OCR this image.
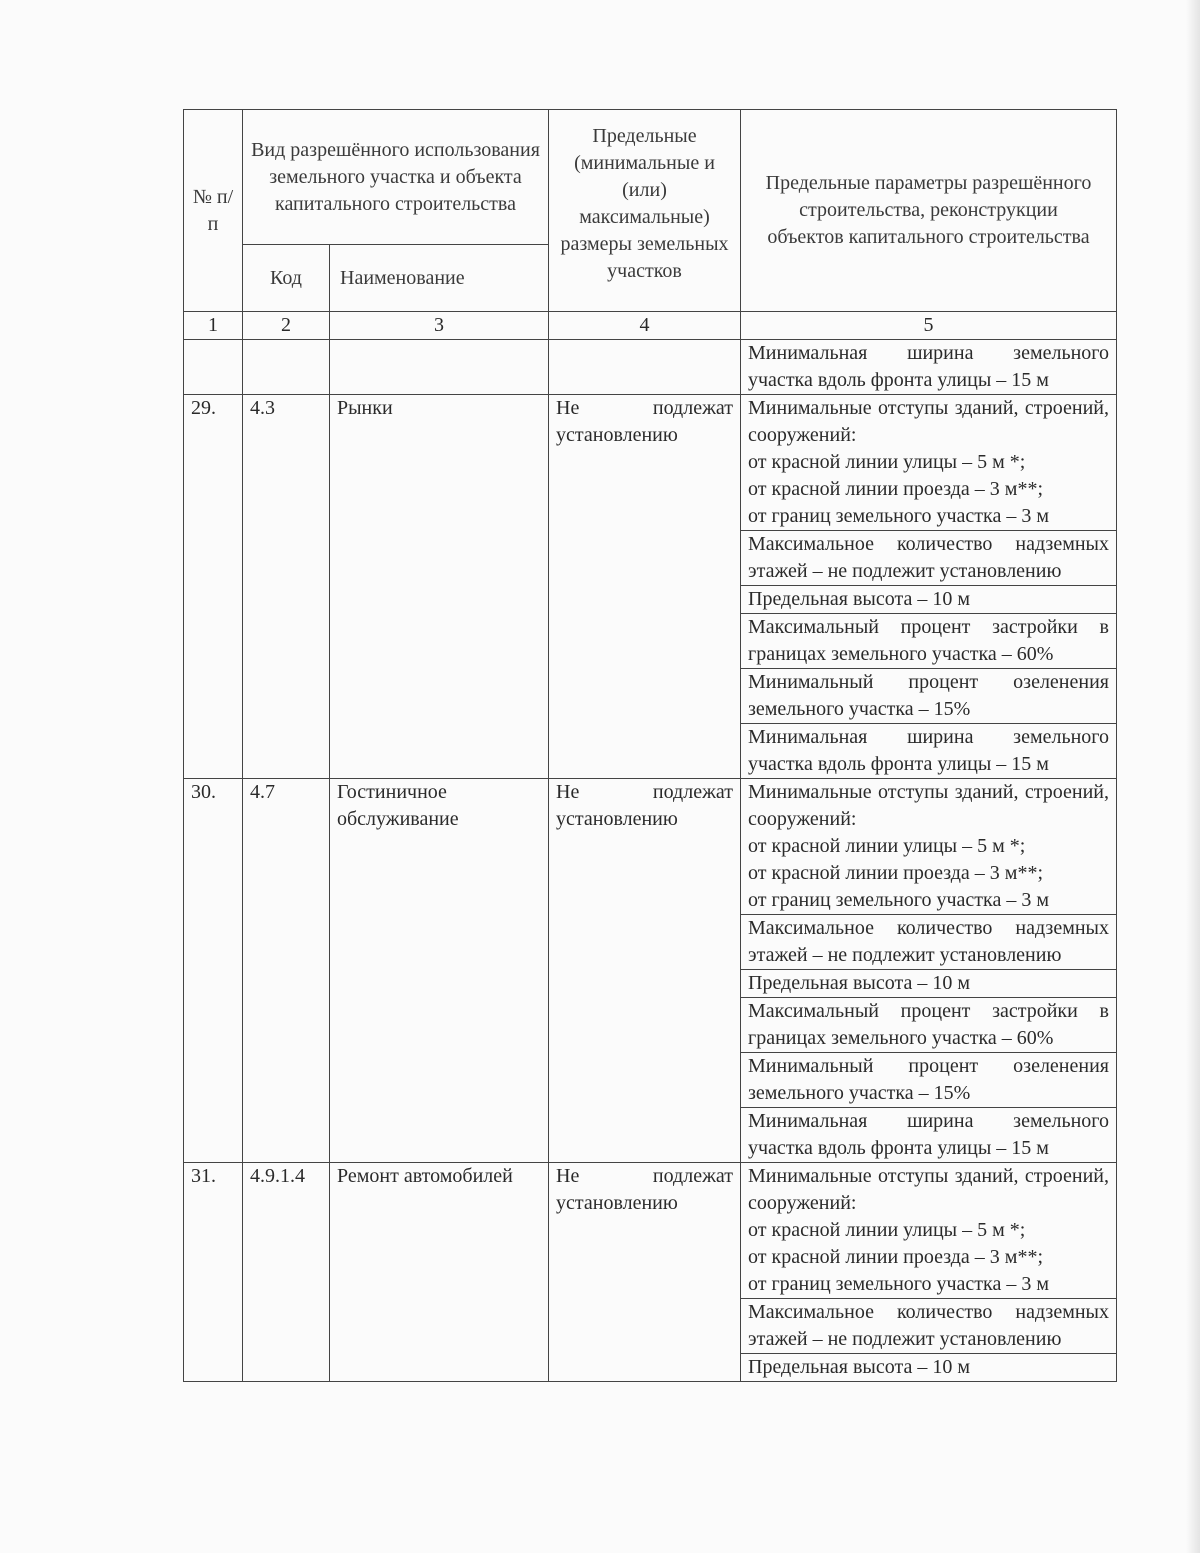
№ п/п	Вид разрешённого использования земельного участка и объекта капитального строительства		Предельные (минимальные и (или) максимальные) размеры земельных участков	Предельные параметры разрешённого строительства, реконструкции объектов капитального строительства
	Код	Наименование		
1	2	3	4	5
				Минимальная ширина земельного участка вдоль фронта улицы – 15 м
29.	4.3	Рынки	Не подлежат установлению	Минимальные отступы зданий, строений, сооружений:
от красной линии улицы – 5 м *;
от красной линии проезда – 3 м**;
от границ земельного участка – 3 м

				Максимальное количество надземных этажей – не подлежит установлению
				Предельная высота – 10 м
				Максимальный процент застройки в границах земельного участка – 60%
				Минимальный процент озеленения земельного участка – 15%
				Минимальная ширина земельного участка вдоль фронта улицы – 15 м
30.	4.7	Гостиничное обслуживание	Не подлежат установлению	Минимальные отступы зданий, строений, сооружений:
от красной линии улицы – 5 м *;
от красной линии проезда – 3 м**;
от границ земельного участка – 3 м

				Максимальное количество надземных этажей – не подлежит установлению
				Предельная высота – 10 м
				Максимальный процент застройки в границах земельного участка – 60%
				Минимальный процент озеленения земельного участка – 15%
				Минимальная ширина земельного участка вдоль фронта улицы – 15 м
31.	4.9.1.4	Ремонт автомобилей	Не подлежат установлению	Минимальные отступы зданий, строений, сооружений:
от красной линии улицы – 5 м *;
от красной линии проезда – 3 м**;
от границ земельного участка – 3 м

				Максимальное количество надземных этажей – не подлежит установлению
				Предельная высота – 10 м
